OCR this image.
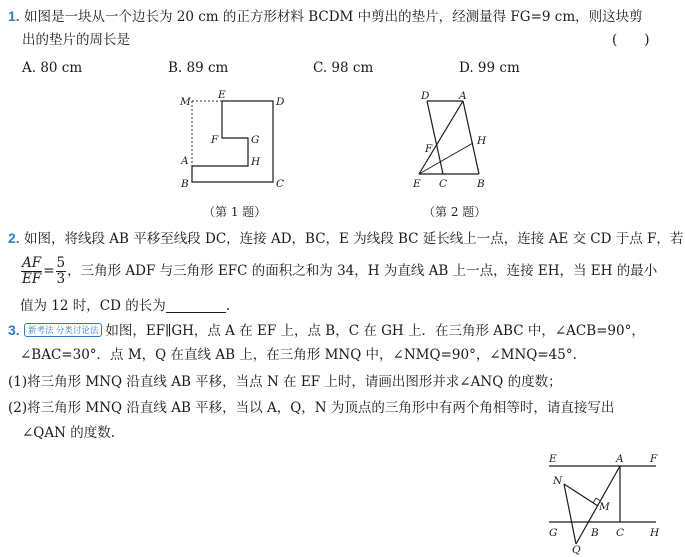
1. 如图是一块从一个边长为 20 cm 的正方形材料 BCDM 中剪出的垫片，经测量得 FG=9 cm，则这块剪
出的垫片的周长是	(　　)
A. 80 cm	B. 89 cm	C. 98 cm	D. 99 cm
M
E
D
F	G
H
A
B	C
（第 1 题）
D	A
F
H
E C	B
（第 2 题）
2. 如图，将线段 AB 平移至线段 DC，连接 AD，BC，E 为线段 BC 延长线上一点，连接 AE 交 CD 于点 F，若
$\frac{AF}{EF} = \frac{5}{3}$ ，三角形 ADF 与三角形 EFC 的面积之和为 34，H 为直线 AB 上一点，连接 EH，当 EH 的最小
值为 12 时，CD 的长为	.
3. 新考法 分类讨论法 如图，EF∥GH，点 A 在 EF 上，点 B，C 在 GH 上．在三角形 ABC 中，∠ACB=90°，
∠BAC=30°．点 M，Q 在直线 AB 上，在三角形 MNQ 中，∠NMQ=90°，∠MNQ=45°.
(1)将三角形 MNQ 沿直线 AB 平移，当点 N 在 EF 上时，请画出图形并求∠ANQ 的度数；
(2)将三角形 MNQ 沿直线 AB 平移，当以 A，Q，N 为顶点的三角形中有两个角相等时，请直接写出
∠QAN 的度数.
E	A	F
N
M
G	B C H
Q
